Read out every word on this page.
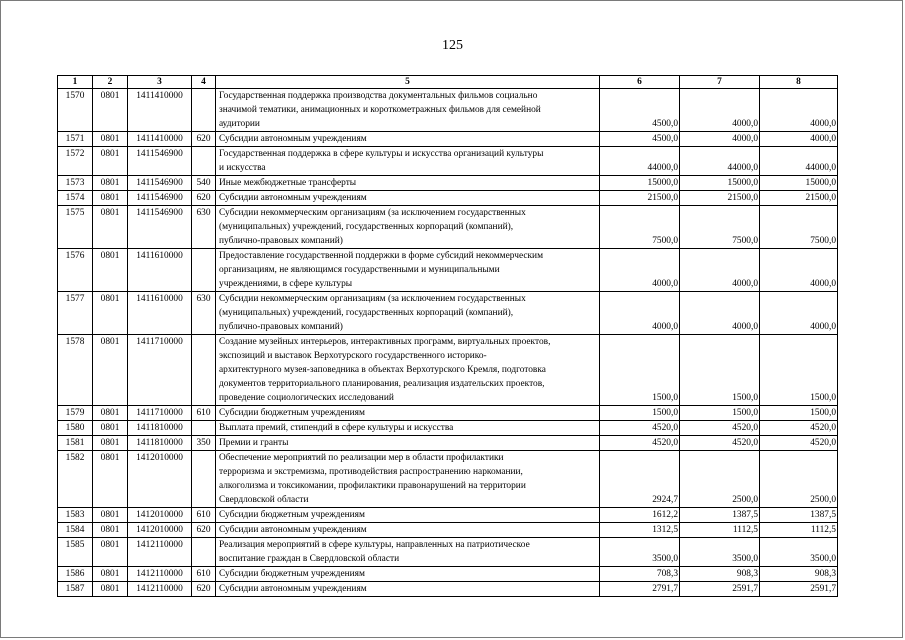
125
1	2	3	4	5	6	7	8
1570	0801	1411410000		Государственная поддержка производства документальных фильмов социально
значимой тематики, анимационных и короткометражных фильмов для семейной
аудитории	4500,0	4000,0	4000,0
1571	0801	1411410000	620	Субсидии автономным учреждениям	4500,0	4000,0	4000,0
1572	0801	1411546900		Государственная поддержка в сфере культуры и искусства организаций культуры
и искусства	44000,0	44000,0	44000,0
1573	0801	1411546900	540	Иные межбюджетные трансферты	15000,0	15000,0	15000,0
1574	0801	1411546900	620	Субсидии автономным учреждениям	21500,0	21500,0	21500,0
1575	0801	1411546900	630	Субсидии некоммерческим организациям (за исключением государственных
(муниципальных) учреждений, государственных корпораций (компаний),
публично-правовых компаний)	7500,0	7500,0	7500,0
1576	0801	1411610000		Предоставление государственной поддержки в форме субсидий некоммерческим
организациям, не являющимся государственными и муниципальными
учреждениями, в сфере культуры	4000,0	4000,0	4000,0
1577	0801	1411610000	630	Субсидии некоммерческим организациям (за исключением государственных
(муниципальных) учреждений, государственных корпораций (компаний),
публично-правовых компаний)	4000,0	4000,0	4000,0
1578	0801	1411710000		Создание музейных интерьеров, интерактивных программ, виртуальных проектов,
экспозиций и выставок Верхотурского государственного историко-
архитектурного музея-заповедника в объектах Верхотурского Кремля, подготовка
документов территориального планирования, реализация издательских проектов,
проведение социологических исследований	1500,0	1500,0	1500,0
1579	0801	1411710000	610	Субсидии бюджетным учреждениям	1500,0	1500,0	1500,0
1580	0801	1411810000		Выплата премий, стипендий в сфере культуры и искусства	4520,0	4520,0	4520,0
1581	0801	1411810000	350	Премии и гранты	4520,0	4520,0	4520,0
1582	0801	1412010000		Обеспечение мероприятий по реализации мер в области профилактики
терроризма и экстремизма, противодействия распространению наркомании,
алкоголизма и токсикомании, профилактики правонарушений на территории
Свердловской области	2924,7	2500,0	2500,0
1583	0801	1412010000	610	Субсидии бюджетным учреждениям	1612,2	1387,5	1387,5
1584	0801	1412010000	620	Субсидии автономным учреждениям	1312,5	1112,5	1112,5
1585	0801	1412110000		Реализация мероприятий в сфере культуры, направленных на патриотическое
воспитание граждан в Свердловской области	3500,0	3500,0	3500,0
1586	0801	1412110000	610	Субсидии бюджетным учреждениям	708,3	908,3	908,3
1587	0801	1412110000	620	Субсидии автономным учреждениям	2791,7	2591,7	2591,7
